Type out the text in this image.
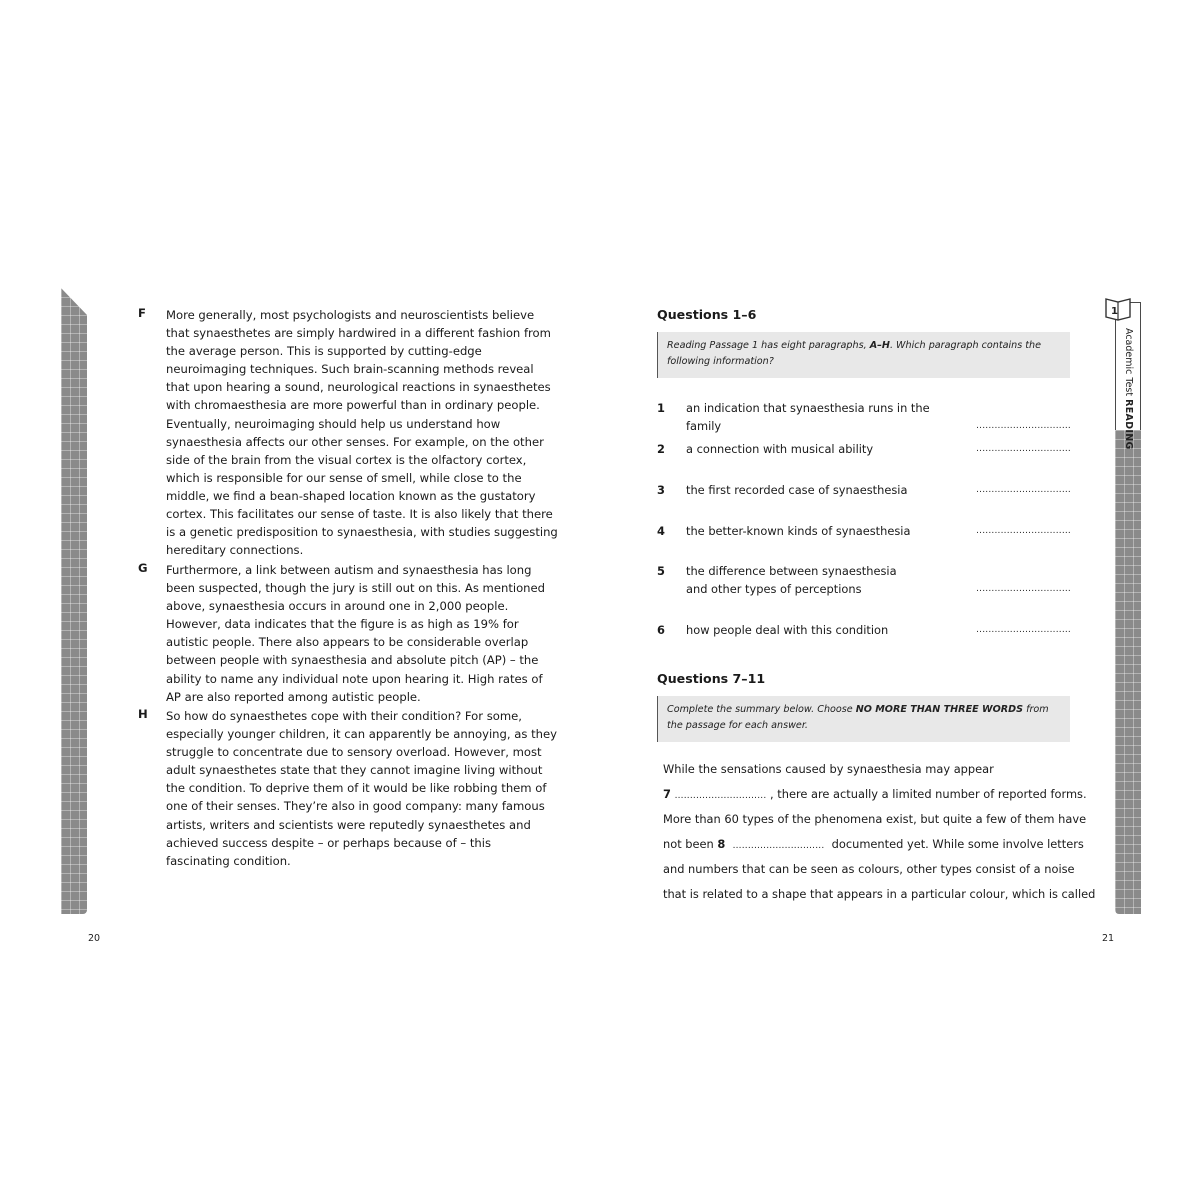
1
Academic Test READING
F More generally, most psychologists and neuroscientists believe that synaesthetes are simply hardwired in a different fashion from the average person. This is supported by cutting-edge neuroimaging techniques. Such brain-scanning methods reveal that upon hearing a sound, neurological reactions in synaesthetes with chromaesthesia are more powerful than in ordinary people. Eventually, neuroimaging should help us understand how synaesthesia affects our other senses. For example, on the other side of the brain from the visual cortex is the olfactory cortex, which is responsible for our sense of smell, while close to the middle, we find a bean-shaped location known as the gustatory cortex. This facilitates our sense of taste. It is also likely that there is a genetic predisposition to synaesthesia, with studies suggesting hereditary connections.
G Furthermore, a link between autism and synaesthesia has long been suspected, though the jury is still out on this. As mentioned above, synaesthesia occurs in around one in 2,000 people. However, data indicates that the figure is as high as 19% for autistic people. There also appears to be considerable overlap between people with synaesthesia and absolute pitch (AP) – the ability to name any individual note upon hearing it. High rates of AP are also reported among autistic people.
H So how do synaesthetes cope with their condition? For some, especially younger children, it can apparently be annoying, as they struggle to concentrate due to sensory overload. However, most adult synaesthetes state that they cannot imagine living without the condition. To deprive them of it would be like robbing them of one of their senses. They’re also in good company: many famous artists, writers and scientists were reputedly synaesthetes and achieved success despite – or perhaps because of – this fascinating condition.
20
Questions 1–6
Reading Passage 1 has eight paragraphs, A–H. Which paragraph contains the following information?
1 an indication that synaesthesia runs in the family	...............................
2 a connection with musical ability	...............................
3 the first recorded case of synaesthesia	...............................
4 the better-known kinds of synaesthesia	...............................
5 the difference between synaesthesia
and other types of perceptions	...............................
6 how people deal with this condition	...............................
Questions 7–11
Complete the summary below. Choose NO MORE THAN THREE WORDS from the passage for each answer.
While the sensations caused by synaesthesia may appear
7 .............................. , there are actually a limited number of reported forms.
More than 60 types of the phenomena exist, but quite a few of them have
not been 8 .............................. documented yet. While some involve letters
and numbers that can be seen as colours, other types consist of a noise
that is related to a shape that appears in a particular colour, which is called
21
